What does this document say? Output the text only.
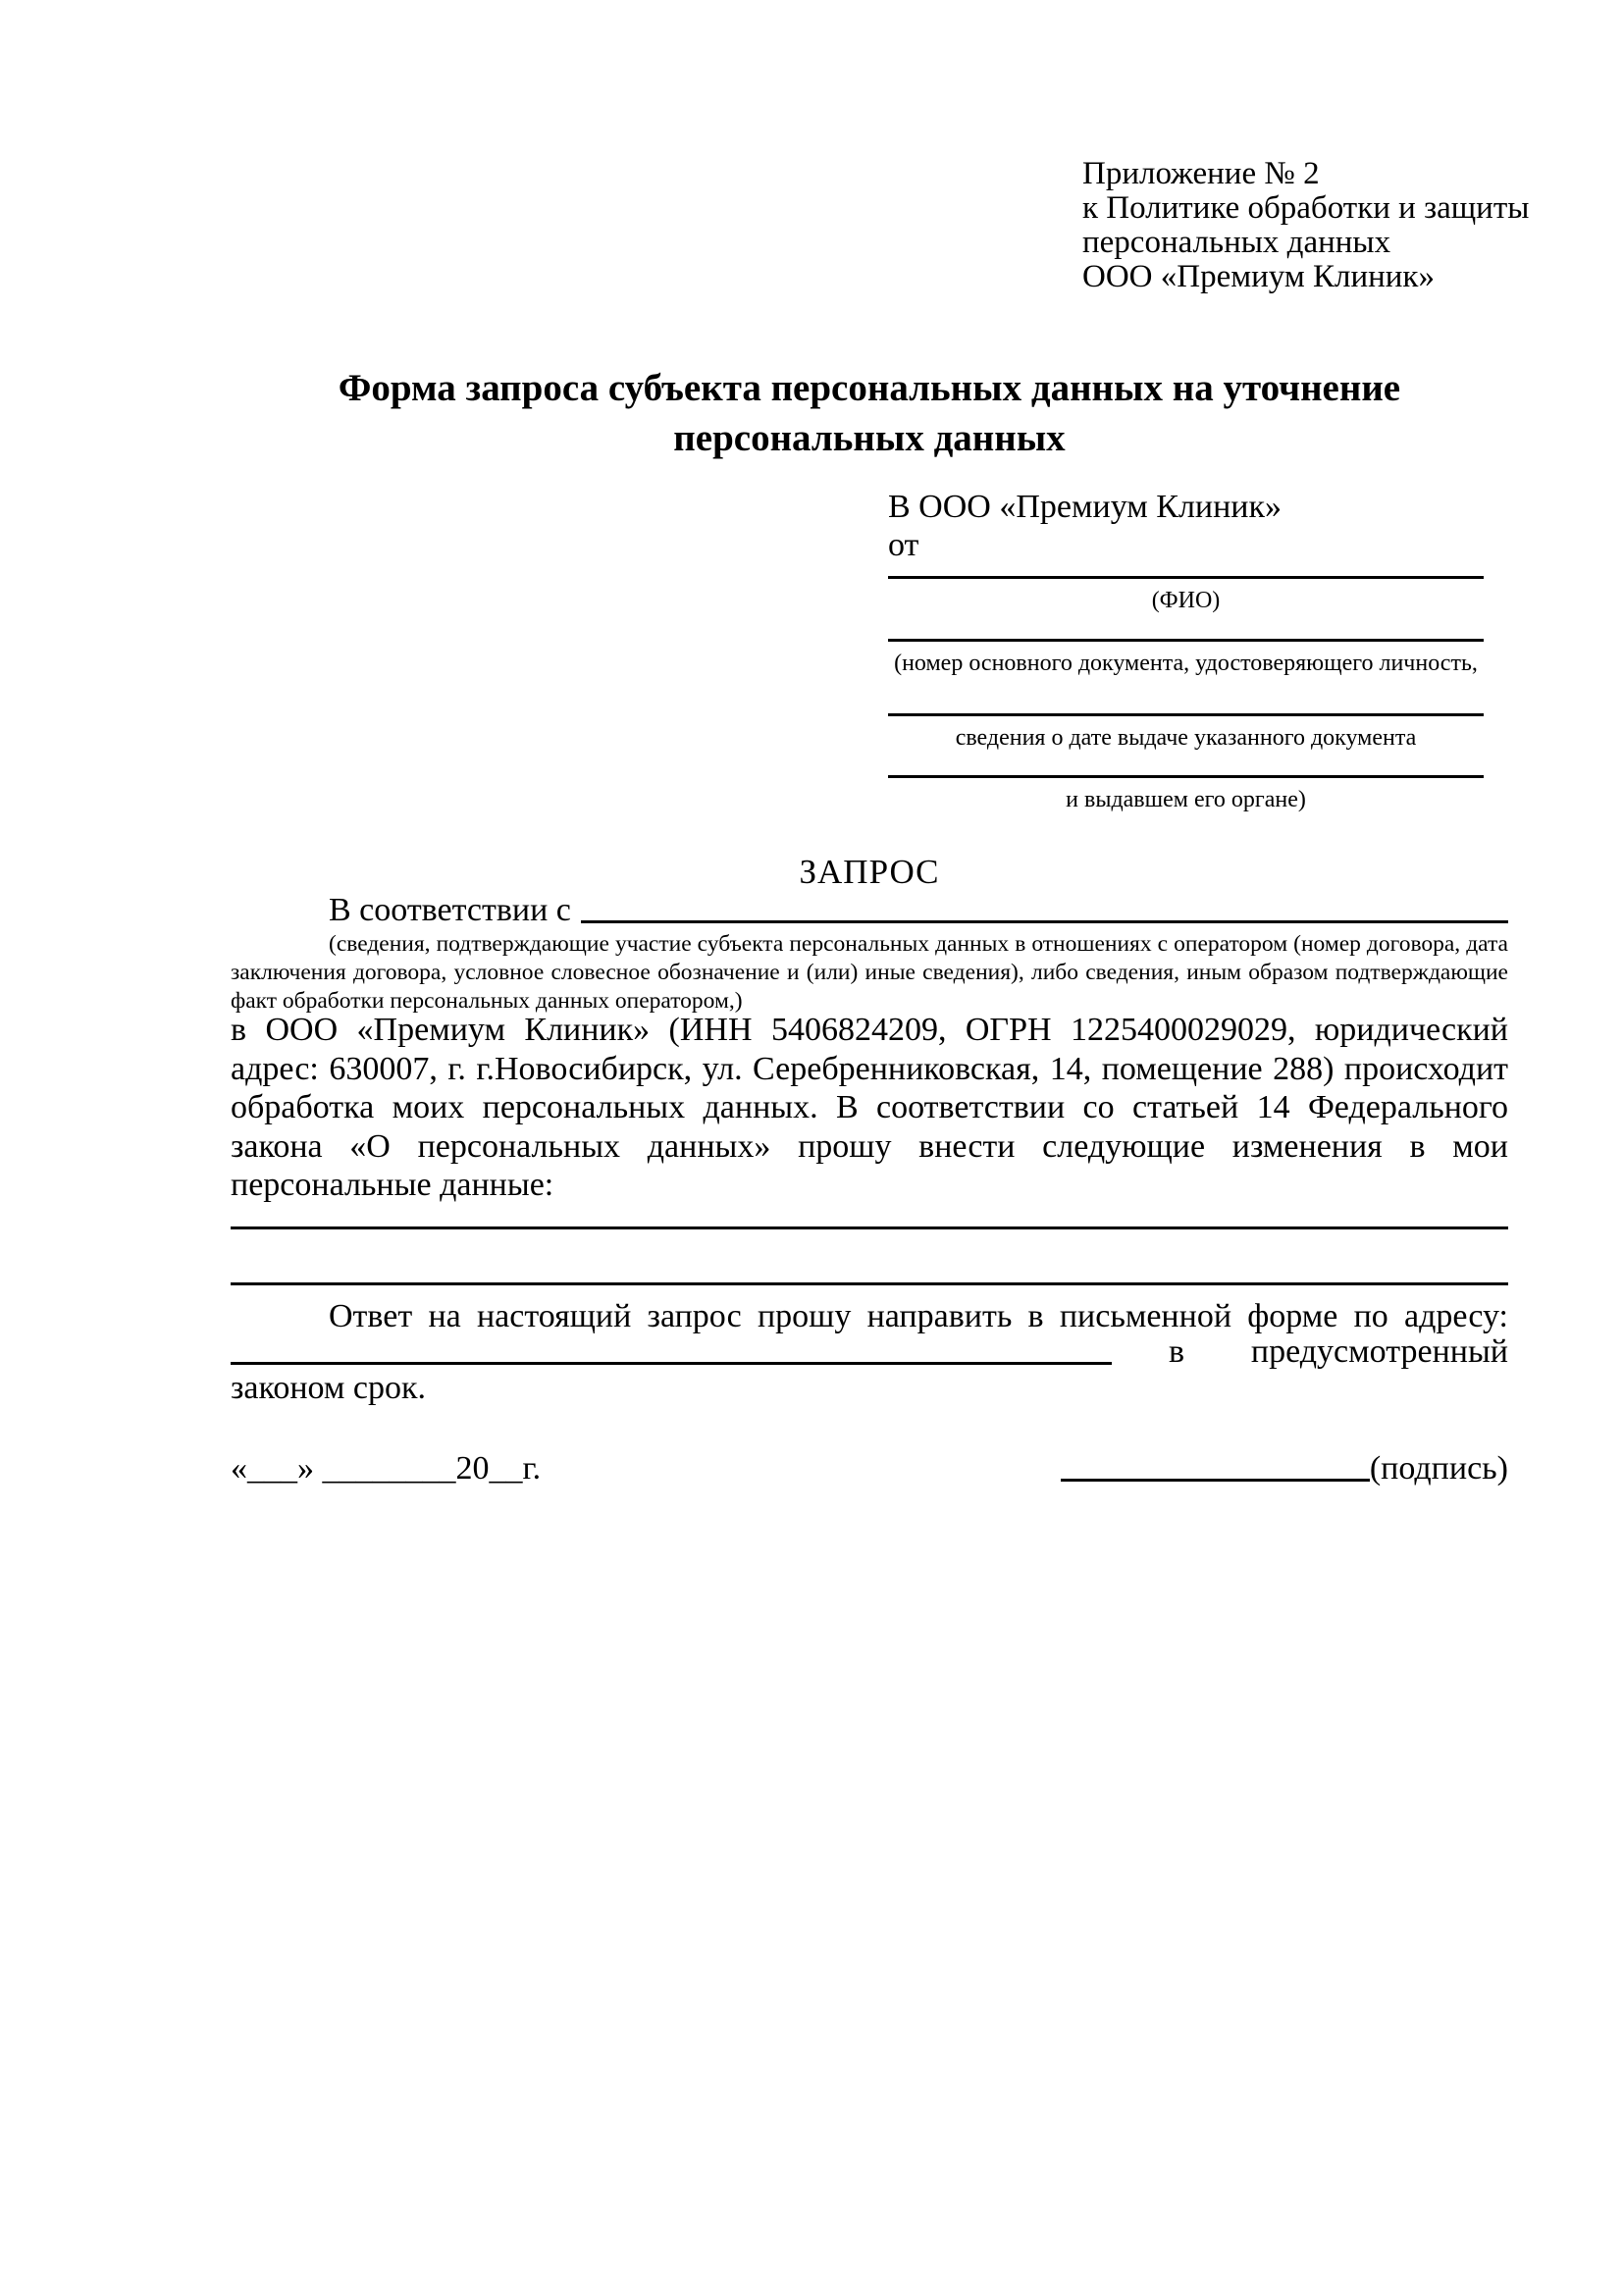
Приложение № 2
к Политике обработки и защиты
персональных данных
ООО «Премиум Клиник»
Форма запроса субъекта персональных данных на уточнение
персональных данных
В ООО «Премиум Клиник»
от
(ФИО)
(номер основного документа, удостоверяющего личность,
сведения о дате выдаче указанного документа
и выдавшем его органе)
ЗАПРОС
В соответствии с
(сведения, подтверждающие участие субъекта персональных данных в отношениях с оператором (номер договора, дата заключения договора, условное словесное обозначение и (или) иные сведения), либо сведения, иным образом подтверждающие факт обработки персональных данных оператором,)
в ООО «Премиум Клиник» (ИНН 5406824209, ОГРН 1225400029029, юридический адрес: 630007, г. г.Новосибирск, ул. Серебренниковская, 14, помещение 288) происходит обработка моих персональных данных. В соответствии со статьей 14 Федерального закона «О персональных данных» прошу внести следующие изменения в мои персональные данные:
Ответ на настоящий запрос прошу направить в письменной форме по адресу:
в предусмотренный
законом срок.
«___» ________20__г.	(подпись)
